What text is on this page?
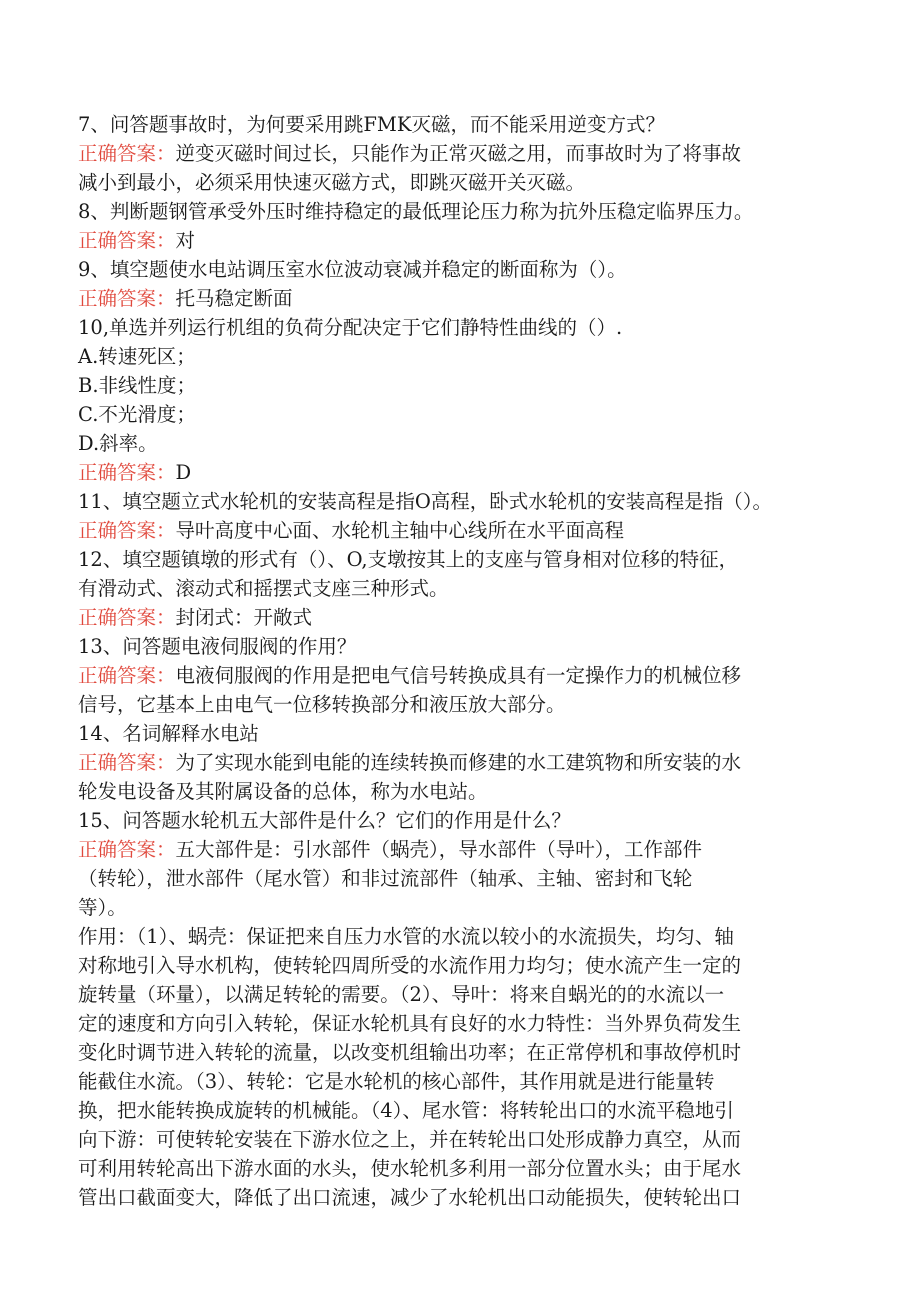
7、问答题事故时，为何要采用跳FMK灭磁，而不能采用逆变方式？
正确答案：逆变灭磁时间过长，只能作为正常灭磁之用，而事故时为了将事故
减小到最小，必须采用快速灭磁方式，即跳灭磁开关灭磁。
8、判断题钢管承受外压时维持稳定的最低理论压力称为抗外压稳定临界压力。
正确答案：对
9、填空题使水电站调压室水位波动衰减并稳定的断面称为（）。
正确答案：托马稳定断面
10,单选并列运行机组的负荷分配决定于它们静特性曲线的（）.
A.转速死区；
B.非线性度；
C.不光滑度；
D.斜率。
正确答案：D
11、填空题立式水轮机的安装高程是指O高程，卧式水轮机的安装高程是指（）。
正确答案：导叶高度中心面、水轮机主轴中心线所在水平面高程
12、填空题镇墩的形式有（）、O,支墩按其上的支座与管身相对位移的特征，
有滑动式、滚动式和摇摆式支座三种形式。
正确答案：封闭式：开敞式
13、问答题电液伺服阀的作用？
正确答案：电液伺服阀的作用是把电气信号转换成具有一定操作力的机械位移
信号，它基本上由电气一位移转换部分和液压放大部分。
14、名词解释水电站
正确答案：为了实现水能到电能的连续转换而修建的水工建筑物和所安装的水
轮发电设备及其附属设备的总体，称为水电站。
15、问答题水轮机五大部件是什么？它们的作用是什么？
正确答案：五大部件是：引水部件（蜗壳），导水部件（导叶），工作部件
（转轮），泄水部件（尾水管）和非过流部件（轴承、主轴、密封和飞轮
等）。
作用：（1）、蜗壳：保证把来自压力水管的水流以较小的水流损失，均匀、轴
对称地引入导水机构，使转轮四周所受的水流作用力均匀；使水流产生一定的
旋转量（环量），以满足转轮的需要。（2）、导叶：将来自蜗光的的水流以一
定的速度和方向引入转轮，保证水轮机具有良好的水力特性：当外界负荷发生
变化时调节进入转轮的流量，以改变机组输出功率；在正常停机和事故停机时
能截住水流。（3）、转轮：它是水轮机的核心部件，其作用就是进行能量转
换，把水能转换成旋转的机械能。（4）、尾水管：将转轮出口的水流平稳地引
向下游：可使转轮安装在下游水位之上，并在转轮出口处形成静力真空，从而
可利用转轮高出下游水面的水头，使水轮机多利用一部分位置水头；由于尾水
管出口截面变大，降低了出口流速，减少了水轮机出口动能损失，使转轮出口
